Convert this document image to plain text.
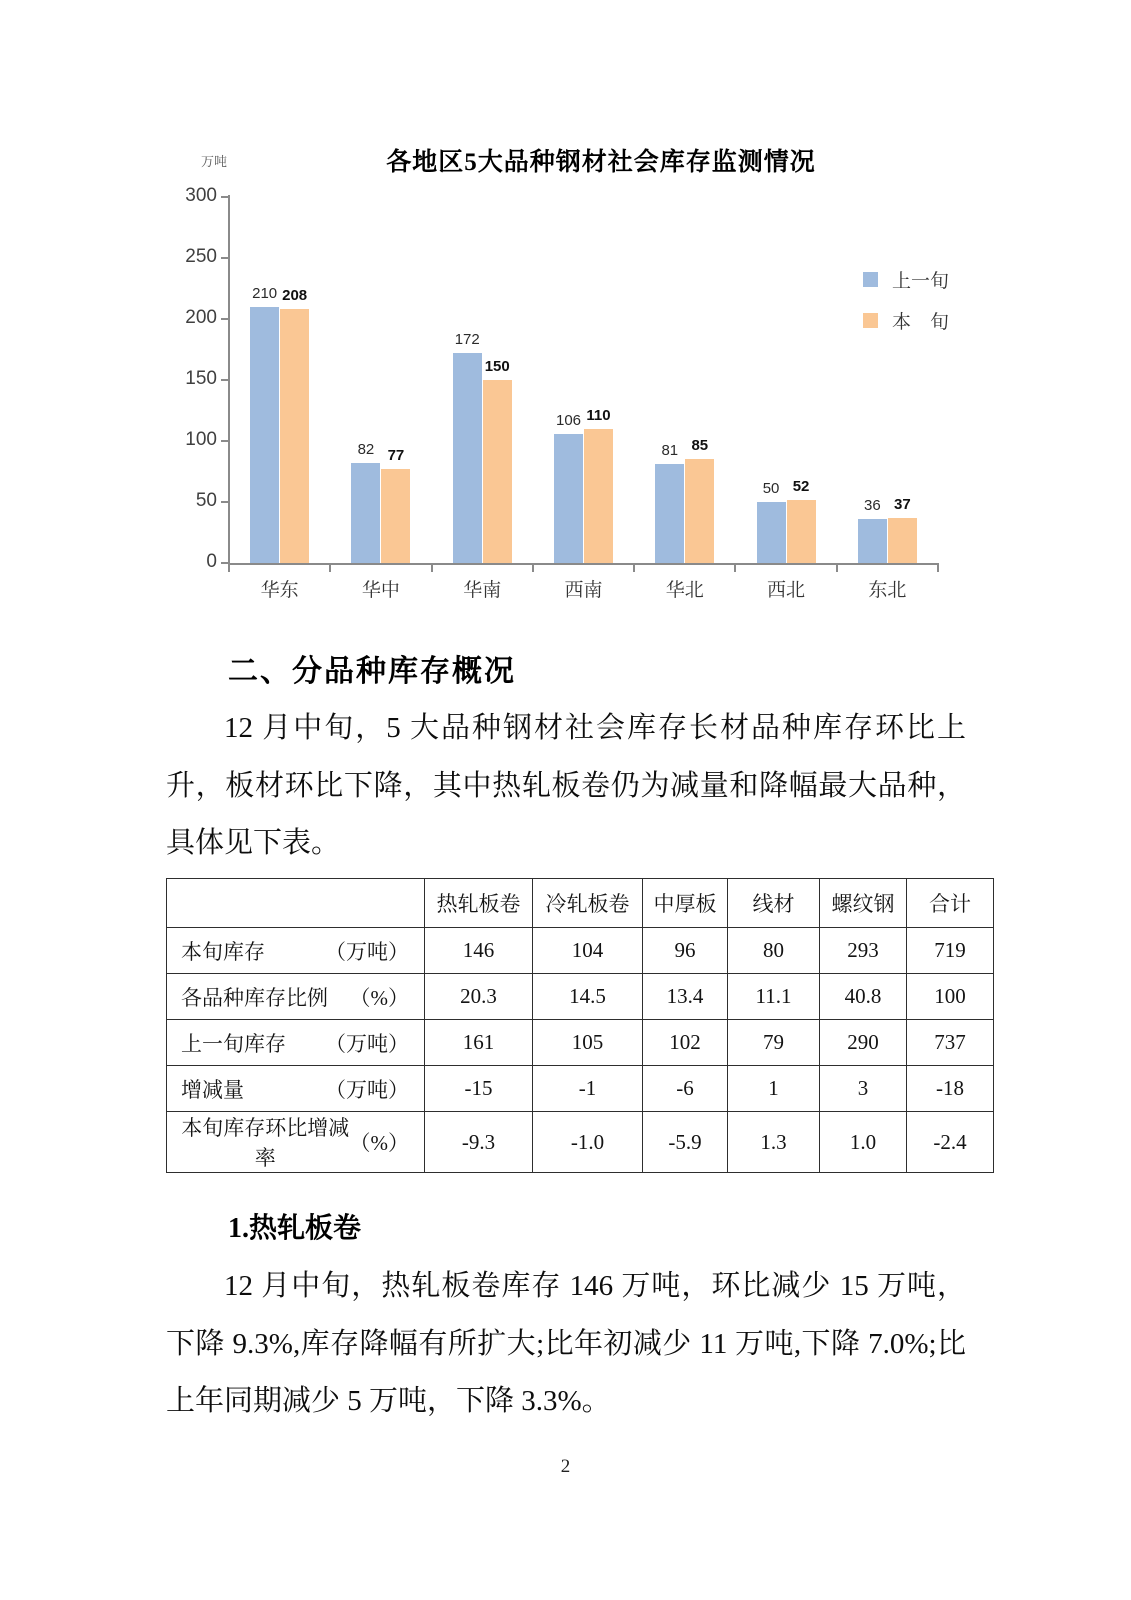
各地区5大品种钢材社会库存监测情况
万吨
0
50
100
150
200
250
300
210 208
华东
82 77
华中
172
150
华南
106 110
西南
81 85
华北
50 52
西北
36 37
东北
上一旬
本　旬
二、分品种库存概况
12 月中旬，5 大品种钢材社会库存长材品种库存环比上升，板材环比下降，其中热轧板卷仍为减量和降幅最大品种，具体见下表。
	热轧板卷	冷轧板卷	中厚板	线材	螺纹钢	合计

本旬库存 （万吨）	146	104	96	80	293	719

各品种库存比例 （%）	20.3	14.5	13.4	11.1	40.8	100

上一旬库存 （万吨）	161	105	102	79	290	737

增减量 （万吨）	-15	-1	-6	1	3	-18

本旬库存环比增减率
（%）	-9.3	-1.0	-5.9	1.3	1.0	-2.4
1.热轧板卷
12 月中旬，热轧板卷库存 146 万吨，环比减少 15 万吨，下降 9.3%,库存降幅有所扩大;比年初减少 11 万吨,下降 7.0%;比上年同期减少 5 万吨，下降 3.3%。
2
